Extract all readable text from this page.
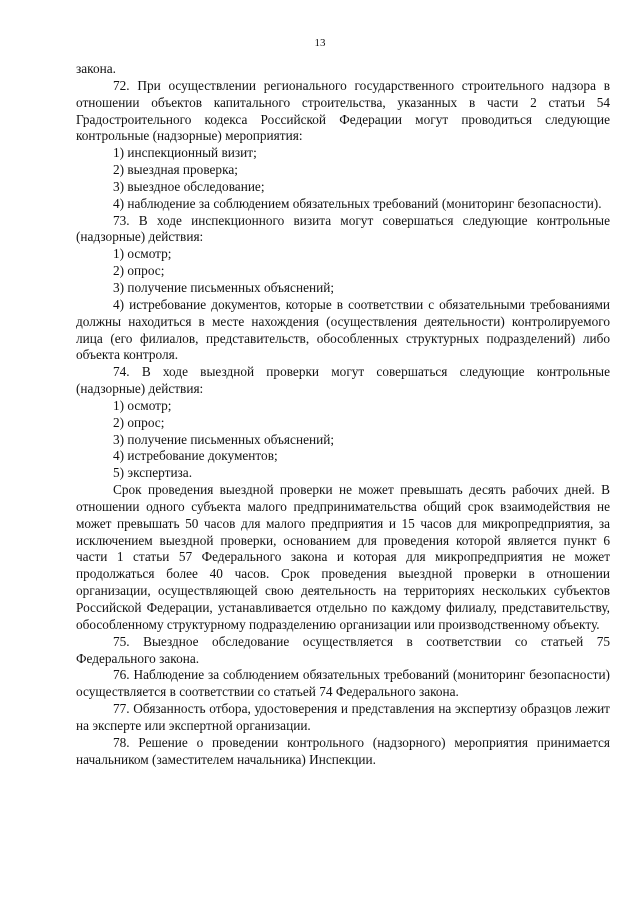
13

закона.

72. При осуществлении регионального государственного строительного надзора в отношении объектов капитального строительства, указанных в части 2 статьи 54 Градостроительного кодекса Российской Федерации могут проводиться следующие контрольные (надзорные) мероприятия:

1) инспекционный визит;

2) выездная проверка;

3) выездное обследование;

4) наблюдение за соблюдением обязательных требований (мониторинг безопасности).

73. В ходе инспекционного визита могут совершаться следующие контрольные (надзорные) действия:

1) осмотр;

2) опрос;

3) получение письменных объяснений;

4) истребование документов, которые в соответствии с обязательными требованиями должны находиться в месте нахождения (осуществления деятельности) контролируемого лица (его филиалов, представительств, обособленных структурных подразделений) либо объекта контроля.

74. В ходе выездной проверки могут совершаться следующие контрольные (надзорные) действия:

1) осмотр;

2) опрос;

3) получение письменных объяснений;

4) истребование документов;

5) экспертиза.

Срок проведения выездной проверки не может превышать десять рабочих дней. В отношении одного субъекта малого предпринимательства общий срок взаимодействия не может превышать 50 часов для малого предприятия и 15 часов для микропредприятия, за исключением выездной проверки, основанием для проведения которой является пункт 6 части 1 статьи 57 Федерального закона и которая для микропредприятия не может продолжаться более 40 часов. Срок проведения выездной проверки в отношении организации, осуществляющей свою деятельность на территориях нескольких субъектов Российской Федерации, устанавливается отдельно по каждому филиалу, представительству, обособленному структурному подразделению организации или производственному объекту.

75. Выездное обследование осуществляется в соответствии со статьей 75 Федерального закона.

76. Наблюдение за соблюдением обязательных требований (мониторинг безопасности) осуществляется в соответствии со статьей 74 Федерального закона.

77. Обязанность отбора, удостоверения и представления на экспертизу образцов лежит на эксперте или экспертной организации.

78. Решение о проведении контрольного (надзорного) мероприятия принимается начальником (заместителем начальника) Инспекции.
